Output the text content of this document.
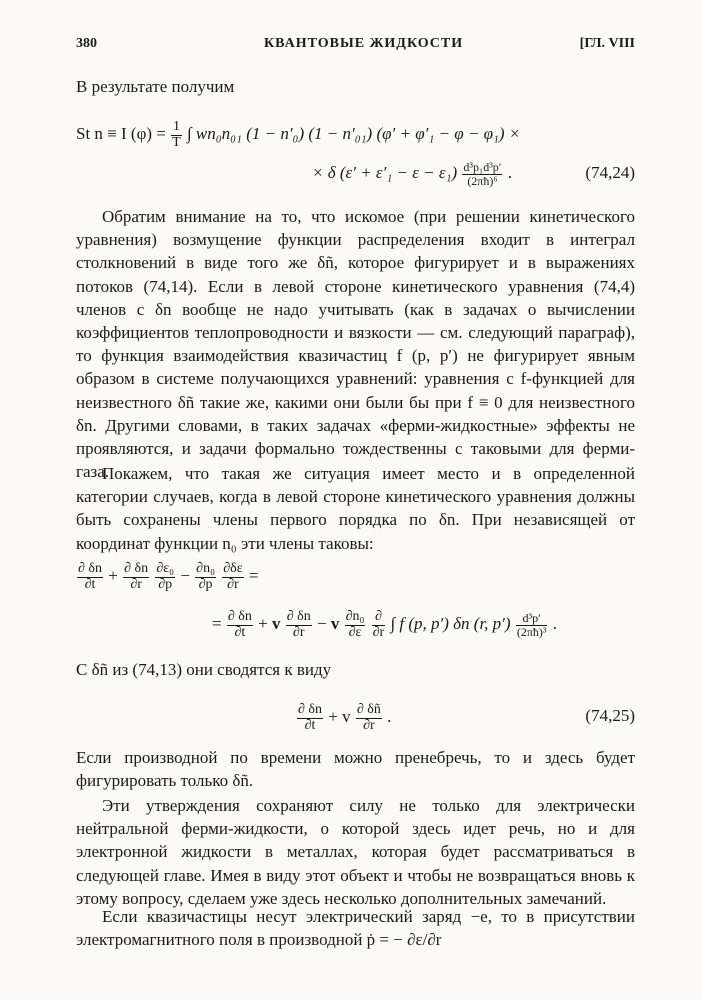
380	КВАНТОВЫЕ ЖИДКОСТИ	[ГЛ. VIII
В результате получим
St n ≡ I $(\varphi) = \frac{1}{T}$ ∫ wn₀n₀₁ (1 − n′₀) (1 − n′₀₁) (φ′ + φ′₁ − φ − φ₁) ×
× δ $(\varepsilon' + \varepsilon'_1 - \varepsilon - \varepsilon_1) \frac{\text{d³p₁d³p′}}{\text{(2πħ)⁶}}$ .	(74,24)
Обратим внимание на то, что искомое (при решении кинетического уравнения) возмущение функции распределения входит в интеграл столкновений в виде того же δñ, которое фигурирует и в выражениях потоков (74,14). Если в левой стороне кинетического уравнения (74,4) членов с δn вообще не надо учитывать (как в задачах о вычислении коэффициентов теплопроводности и вязкости — см. следующий параграф), то функция взаимодействия квазичастиц f (p, p′) не фигурирует явным образом в системе получающихся уравнений: уравнения с f-функцией для неизвестного δñ такие же, какими они были бы при f ≡ 0 для неизвестного δn. Другими словами, в таких задачах «ферми-жидкостные» эффекты не проявляются, и задачи формально тождественны с таковыми для ферми-газа.
Покажем, что такая же ситуация имеет место и в определенной категории случаев, когда в левой стороне кинетического уравнения должны быть сохранены члены первого порядка по δn. При независящей от координат функции n₀ эти члены таковы:
$\frac{\partial \delta n}{\partial t} + \frac{\partial \delta n}{\partial r}$
$\frac{\text{∂ε₀}}{\partial p} - \frac{\text{∂n₀}}{\partial p}$
$\frac{\partial\delta\varepsilon}{\partial r}$ =
= $\frac{\partial \delta n}{\partial t} + v \frac{\partial \delta n}{\partial r} - v \frac{\text{∂n₀}}{\partial\varepsilon}$
$\frac{\partial}{\partial r}$ ∫ f (p, p′) δn (r, $p') \frac{\text{d³p′}}{\text{(2πħ)³}}$ .
С δñ из (74,13) они сводятся к виду
$\frac{\partial \delta n}{\partial t} + v \frac{\partial \delta ñ}{\partial r}$ .	(74,25)
Если производной по времени можно пренебречь, то и здесь будет фигурировать только δñ.
Эти утверждения сохраняют силу не только для электрически нейтральной ферми-жидкости, о которой здесь идет речь, но и для электронной жидкости в металлах, которая будет рассматриваться в следующей главе. Имея в виду этот объект и чтобы не возвращаться вновь к этому вопросу, сделаем уже здесь несколько дополнительных замечаний.
Если квазичастицы несут электрический заряд −e, то в присутствии электромагнитного поля в производной ṗ = − ∂ε/∂r
